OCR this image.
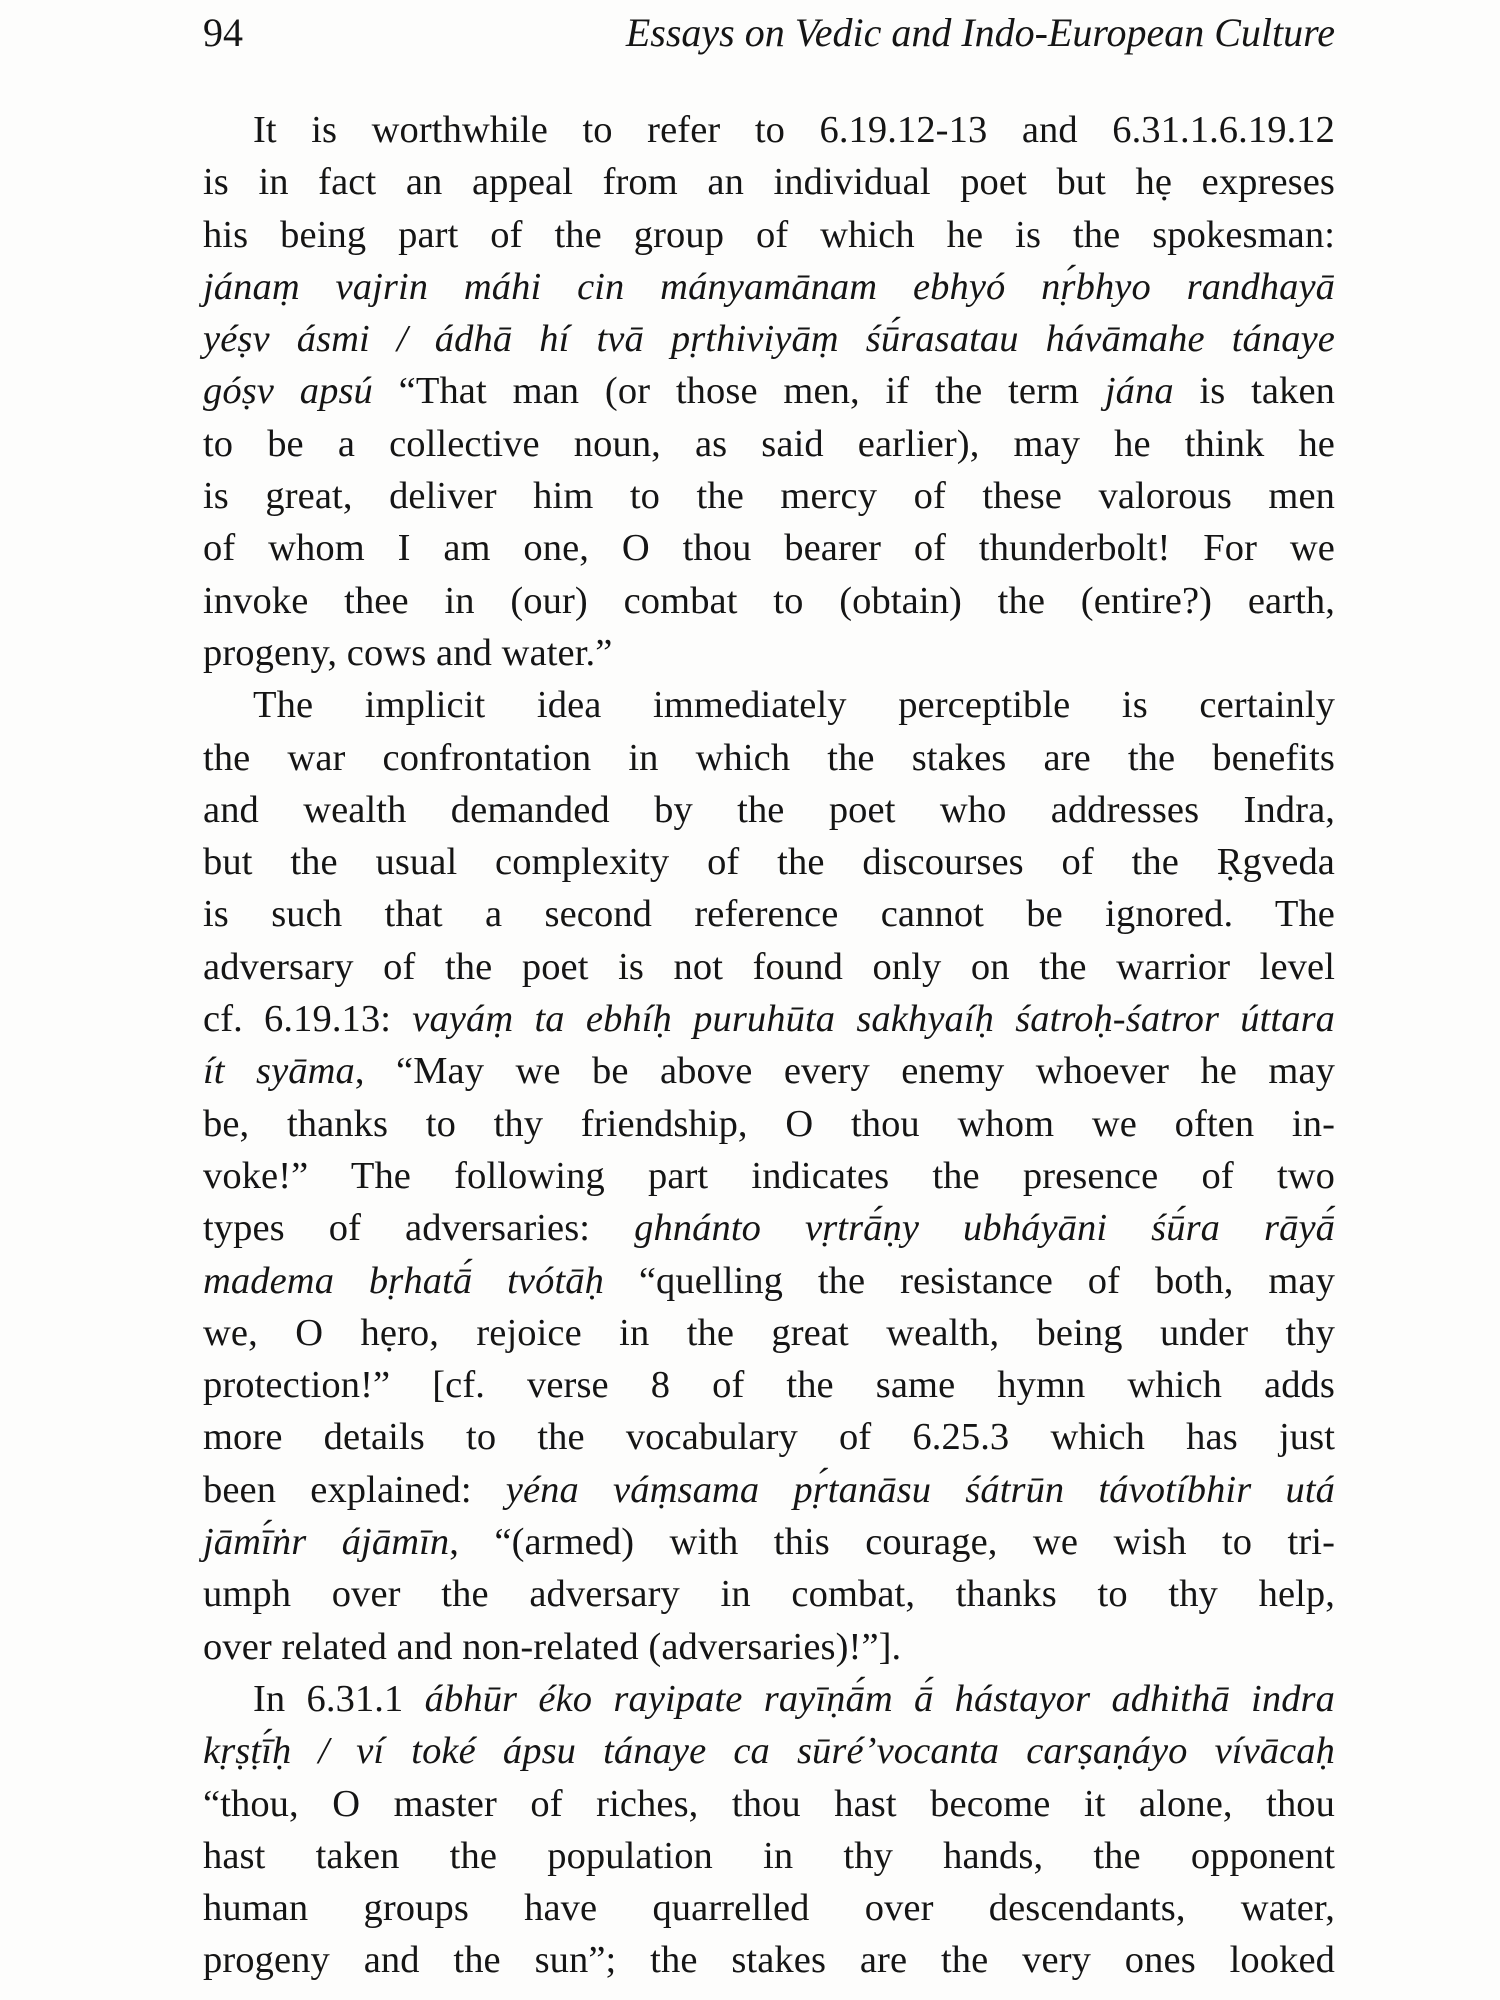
94	Essays on Vedic and Indo-European Culture
It is worthwhile to refer to 6.19.12-13 and 6.31.1.6.19.12
is in fact an appeal from an individual poet but hẹ expreses
his being part of the group of which he is the spokesman:
jánaṃ vajrin máhi cin mányamānam ebhyó nṛ́bhyo randhayā
yéṣv ásmi / ádhā hí tvā pṛthiviyāṃ śū́rasatau hávāmahe tánaye
góṣv apsú “That man (or those men, if the term jána is taken
to be a collective noun, as said earlier), may he think he
is great, deliver him to the mercy of these valorous men
of whom I am one, O thou bearer of thunderbolt! For we
invoke thee in (our) combat to (obtain) the (entire?) earth,
progeny, cows and water.”
The implicit idea immediately perceptible is certainly
the war confrontation in which the stakes are the benefits
and wealth demanded by the poet who addresses Indra,
but the usual complexity of the discourses of the Ṛgveda
is such that a second reference cannot be ignored. The
adversary of the poet is not found only on the warrior level
cf. 6.19.13: vayáṃ ta ebhíḥ puruhūta sakhyaíḥ śatroḥ-śatror úttara
ít syāma, “May we be above every enemy whoever he may
be, thanks to thy friendship, O thou whom we often in-
voke!” The following part indicates the presence of two
types of adversaries: ghnánto vṛtrā́ṇy ubháyāni śū́ra rāyā́
madema bṛhatā́ tvótāḥ “quelling the resistance of both, may
we, O hẹro, rejoice in the great wealth, being under thy
protection!” [cf. verse 8 of the same hymn which adds
more details to the vocabulary of 6.25.3 which has just
been explained: yéna váṃsama pṛ́tanāsu śátrūn távotíbhir utá
jāmī́ṅr ájāmīn, “(armed) with this courage, we wish to tri-
umph over the adversary in combat, thanks to thy help,
over related and non-related (adversaries)!”].
In 6.31.1 ábhūr éko rayipate rayīṇā́m ā́ hástayor adhithā indra
kṛṣṭī́ḥ / ví toké ápsu tánaye ca sūré’vocanta carṣaṇáyo vívācaḥ
“thou, O master of riches, thou hast become it alone, thou
hast taken the population in thy hands, the opponent
human groups have quarrelled over descendants, water,
progeny and the sun”; the stakes are the very ones looked
